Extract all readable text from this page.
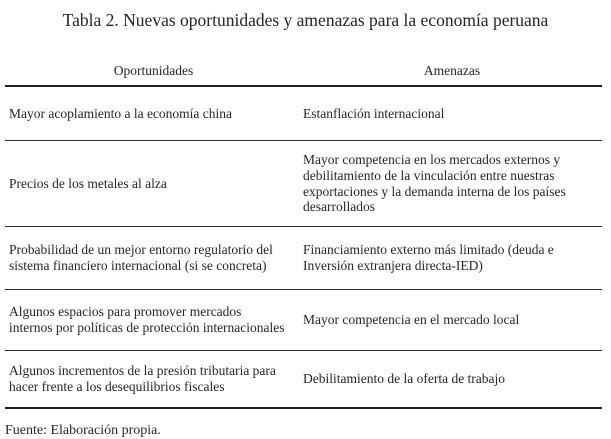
Tabla 2. Nuevas oportunidades y amenazas para la economía peruana
Oportunidades	Amenazas
Mayor acoplamiento a la economía china	Estanflación internacional
Precios de los metales al alza	Mayor competencia en los mercados externos y debilitamiento de la vinculación entre nuestras exportaciones y la demanda interna de los países desarrollados
Probabilidad de un mejor entorno regulatorio del sistema financiero internacional (si se concreta)	Financiamiento externo más limitado (deuda e Inversión extranjera directa-IED)
Algunos espacios para promover mercados internos por políticas de protección internacionales	Mayor competencia en el mercado local
Algunos incrementos de la presión tributaria para hacer frente a los desequilibrios fiscales	Debilitamiento de la oferta de trabajo
Fuente: Elaboración propia.
